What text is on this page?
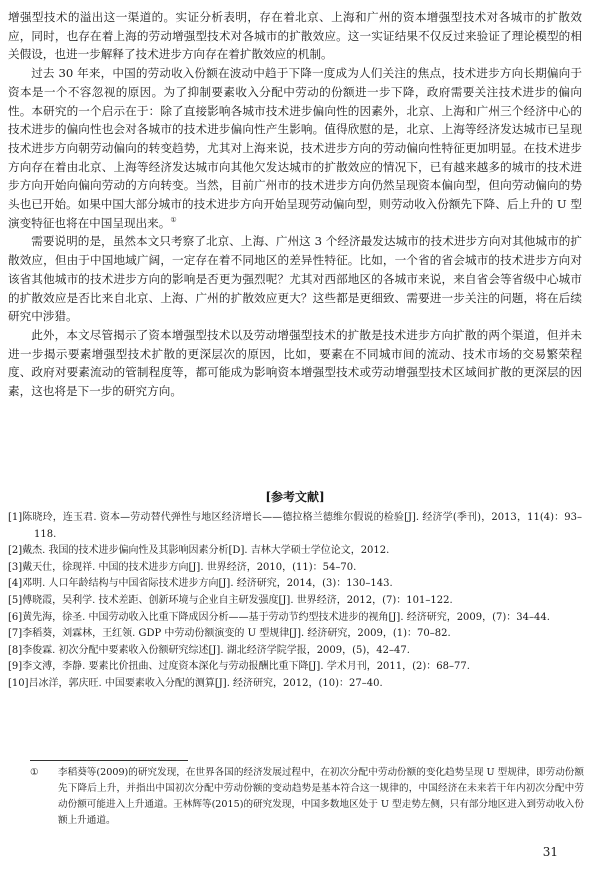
增强型技术的溢出这一渠道的。实证分析表明，存在着北京、上海和广州的资本增强型技术对各城市的扩散效应，同时，也存在着上海的劳动增强型技术对各城市的扩散效应。这一实证结果不仅反过来验证了理论模型的相关假设，也进一步解释了技术进步方向存在着扩散效应的机制。

过去 30 年来，中国的劳动收入份额在波动中趋于下降一度成为人们关注的焦点，技术进步方向长期偏向于资本是一个不容忽视的原因。为了抑制要素收入分配中劳动的份额进一步下降，政府需要关注技术进步的偏向性。本研究的一个启示在于：除了直接影响各城市技术进步偏向性的因素外，北京、上海和广州三个经济中心的技术进步的偏向性也会对各城市的技术进步偏向性产生影响。值得欣慰的是，北京、上海等经济发达城市已呈现技术进步方向朝劳动偏向的转变趋势，尤其对上海来说，技术进步方向的劳动偏向性特征更加明显。在技术进步方向存在着由北京、上海等经济发达城市向其他欠发达城市的扩散效应的情况下，已有越来越多的城市的技术进步方向开始向偏向劳动的方向转变。当然，目前广州市的技术进步方向仍然呈现资本偏向型，但向劳动偏向的势头也已开始。如果中国大部分城市的技术进步方向开始呈现劳动偏向型，则劳动收入份额先下降、后上升的 U 型演变特征也将在中国呈现出来。①

需要说明的是，虽然本文只考察了北京、上海、广州这 3 个经济最发达城市的技术进步方向对其他城市的扩散效应，但由于中国地域广阔，一定存在着不同地区的差异性特征。比如，一个省的省会城市的技术进步方向对该省其他城市的技术进步方向的影响是否更为强烈呢？尤其对西部地区的各城市来说，来自省会等省级中心城市的扩散效应是否比来自北京、上海、广州的扩散效应更大？这些都是更细致、需要进一步关注的问题，将在后续研究中涉猎。

此外，本文尽管揭示了资本增强型技术以及劳动增强型技术的扩散是技术进步方向扩散的两个渠道，但并未进一步揭示要素增强型技术扩散的更深层次的原因，比如，要素在不同城市间的流动、技术市场的交易繁荣程度、政府对要素流动的管制程度等，都可能成为影响资本增强型技术或劳动增强型技术区域间扩散的更深层的因素，这也将是下一步的研究方向。

[参考文献]

[1]陈晓玲，连玉君. 资本—劳动替代弹性与地区经济增长——德拉格兰德维尔假说的检验[J]. 经济学(季刊)，2013，11(4)：93–118.

[2]戴杰. 我国的技术进步偏向性及其影响因素分析[D]. 吉林大学硕士学位论文，2012.

[3]戴天仕，徐现祥. 中国的技术进步方向[J]. 世界经济，2010，(11)：54–70.

[4]邓明. 人口年龄结构与中国省际技术进步方向[J]. 经济研究，2014，(3)：130–143.

[5]傅晓霞，吴利学. 技术差距、创新环境与企业自主研发强度[J]. 世界经济，2012，(7)：101–122.

[6]黄先海，徐圣. 中国劳动收入比重下降成因分析——基于劳动节约型技术进步的视角[J]. 经济研究，2009，(7)：34–44.

[7]李稻葵，刘霖林，王红领. GDP 中劳动份额演变的 U 型规律[J]. 经济研究，2009，(1)：70–82.

[8]李俊霖. 初次分配中要素收入份额研究综述[J]. 湖北经济学院学报，2009，(5)，42–47.

[9]李文溥，李静. 要素比价扭曲、过度资本深化与劳动报酬比重下降[J]. 学术月刊，2011，(2)：68–77.

[10]吕冰洋，郭庆旺. 中国要素收入分配的测算[J]. 经济研究，2012，(10)：27–40.

① 李稻葵等(2009)的研究发现，在世界各国的经济发展过程中，在初次分配中劳动份额的变化趋势呈现 U 型规律，即劳动份额先下降后上升，并指出中国初次分配中劳动份额的变动趋势是基本符合这一规律的，中国经济在未来若干年内初次分配中劳动份额可能进入上升通道。王林辉等(2015)的研究发现，中国多数地区处于 U 型走势左侧，只有部分地区进入到劳动收入份额上升通道。

31
